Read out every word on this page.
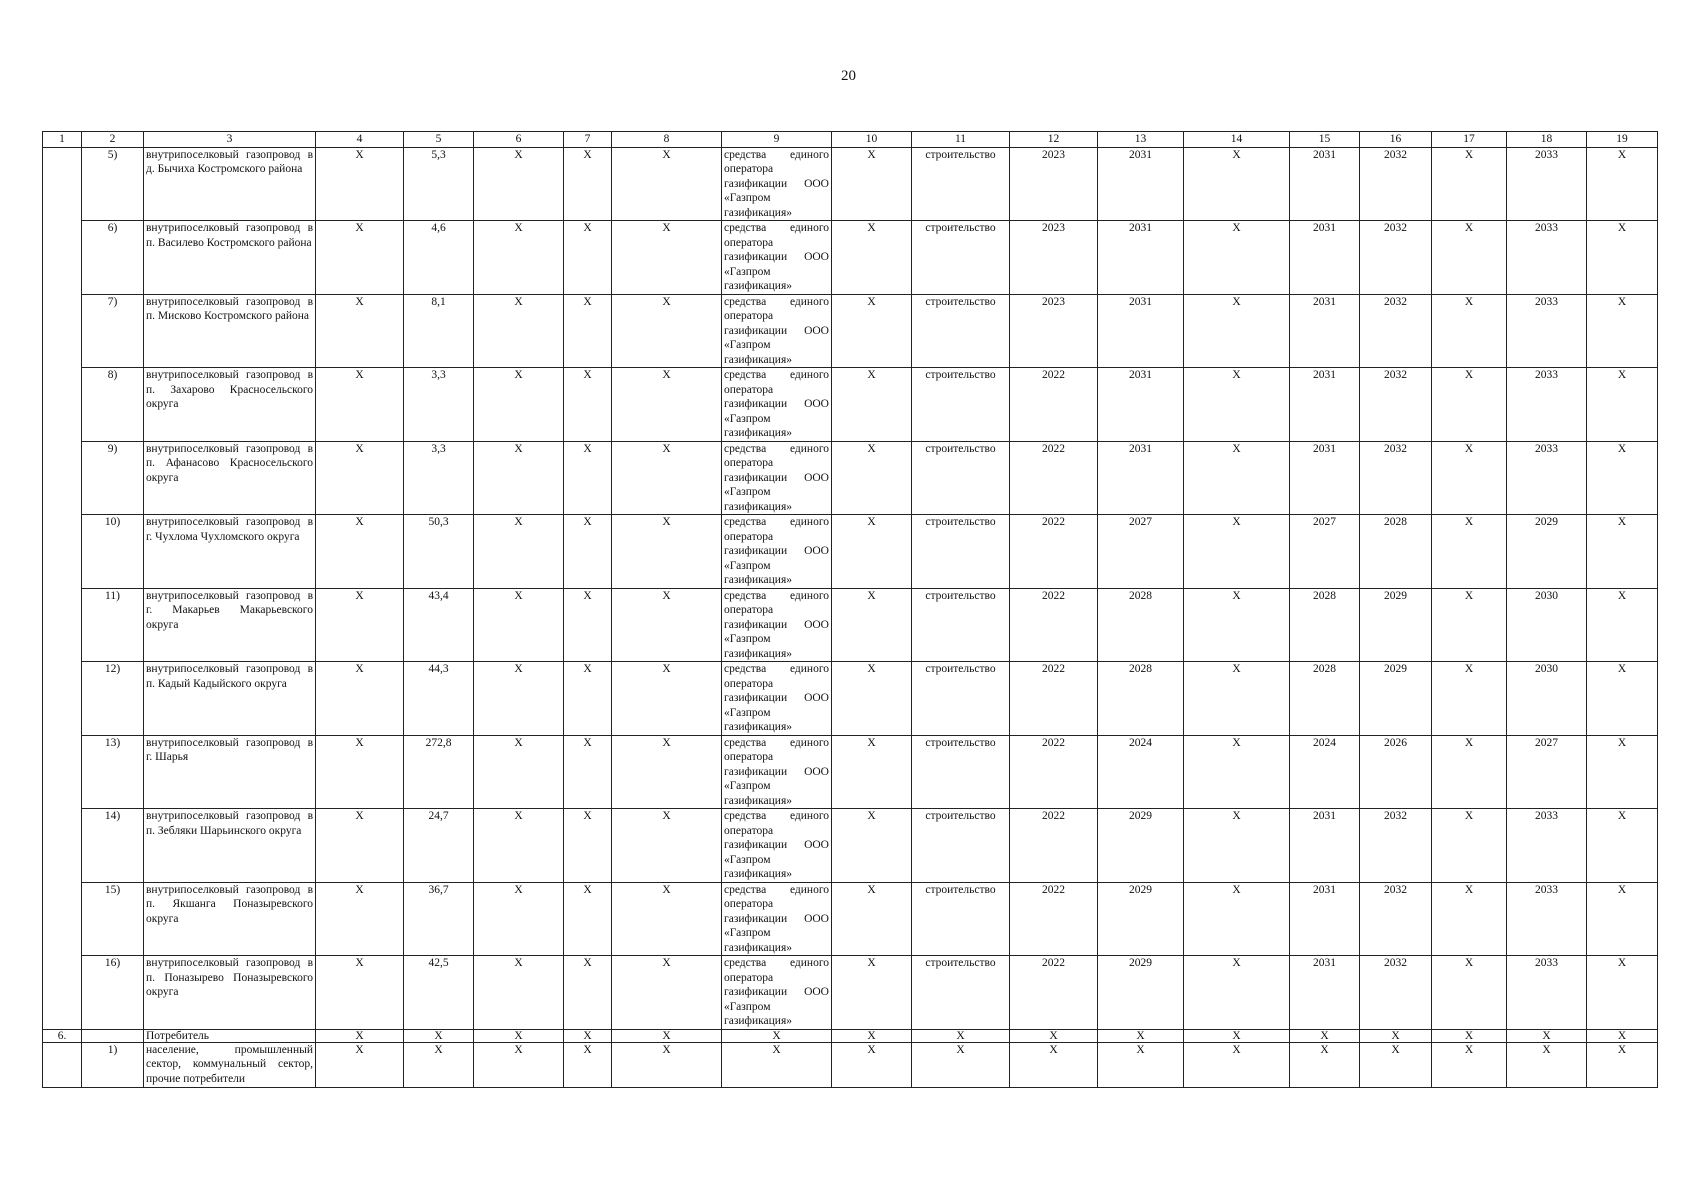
20
1	2	3	4	5	6	7	8	9	10	11	12	13	14	15	16	17	18	19
	5)	внутрипоселковый газопровод в д. Бычиха Костромского района	X	5,3	X	X	X	средства единого оператора газификации ООО «Газпром газификация»	X	строительство	2023	2031	X	2031	2032	X	2033	X
	6)	внутрипоселковый газопровод в п. Василево Костромского района	X	4,6	X	X	X	средства единого оператора газификации ООО «Газпром газификация»	X	строительство	2023	2031	X	2031	2032	X	2033	X
	7)	внутрипоселковый газопровод в п. Мисково Костромского района	X	8,1	X	X	X	средства единого оператора газификации ООО «Газпром газификация»	X	строительство	2023	2031	X	2031	2032	X	2033	X
	8)	внутрипоселковый газопровод в п. Захарово Красносельского округа	X	3,3	X	X	X	средства единого оператора газификации ООО «Газпром газификация»	X	строительство	2022	2031	X	2031	2032	X	2033	X
	9)	внутрипоселковый газопровод в п. Афанасово Красносельского округа	X	3,3	X	X	X	средства единого оператора газификации ООО «Газпром газификация»	X	строительство	2022	2031	X	2031	2032	X	2033	X
	10)	внутрипоселковый газопровод в г. Чухлома Чухломского округа	X	50,3	X	X	X	средства единого оператора газификации ООО «Газпром газификация»	X	строительство	2022	2027	X	2027	2028	X	2029	X
	11)	внутрипоселковый газопровод в г. Макарьев Макарьевского округа	X	43,4	X	X	X	средства единого оператора газификации ООО «Газпром газификация»	X	строительство	2022	2028	X	2028	2029	X	2030	X
	12)	внутрипоселковый газопровод в п. Кадый Кадыйского округа	X	44,3	X	X	X	средства единого оператора газификации ООО «Газпром газификация»	X	строительство	2022	2028	X	2028	2029	X	2030	X
	13)	внутрипоселковый газопровод в г. Шарья	X	272,8	X	X	X	средства единого оператора газификации ООО «Газпром газификация»	X	строительство	2022	2024	X	2024	2026	X	2027	X
	14)	внутрипоселковый газопровод в п. Зебляки Шарьинского округа	X	24,7	X	X	X	средства единого оператора газификации ООО «Газпром газификация»	X	строительство	2022	2029	X	2031	2032	X	2033	X
	15)	внутрипоселковый газопровод в п. Якшанга Поназыревского округа	X	36,7	X	X	X	средства единого оператора газификации ООО «Газпром газификация»	X	строительство	2022	2029	X	2031	2032	X	2033	X
	16)	внутрипоселковый газопровод в п. Поназырево Поназыревского округа	X	42,5	X	X	X	средства единого оператора газификации ООО «Газпром газификация»	X	строительство	2022	2029	X	2031	2032	X	2033	X
6.		Потребитель	X	X	X	X	X	X	X	X	X	X	X	X	X	X	X	X
	1)	население, промышленный сектор, коммунальный сектор, прочие потребители	X	X	X	X	X	X	X	X	X	X	X	X	X	X	X	X
